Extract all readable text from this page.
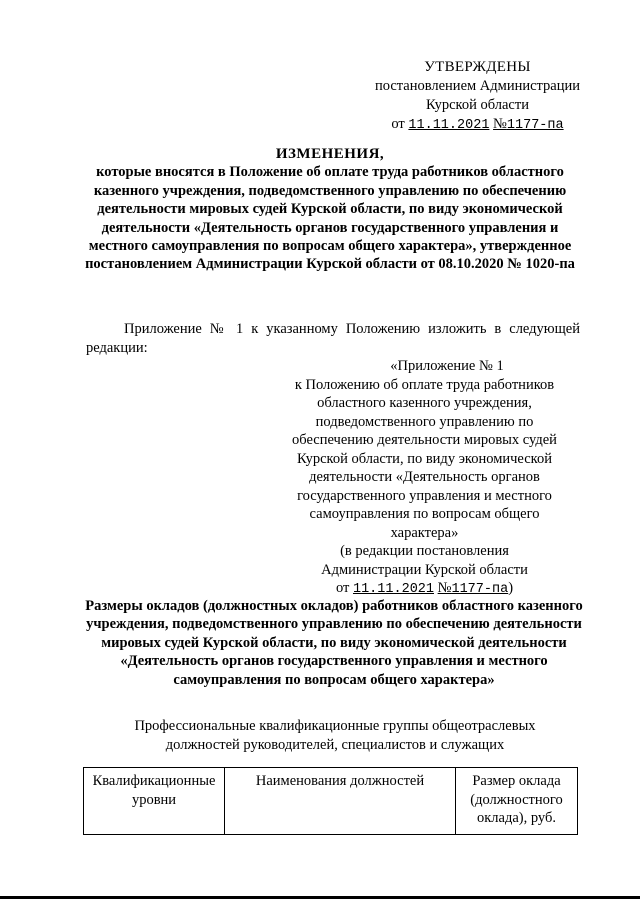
УТВЕРЖДЕНЫ
постановлением Администрации
Курской области
от 11.11.2021 №1177-па
ИЗМЕНЕНИЯ,
которые вносятся в Положение об оплате труда работников областного казенного учреждения, подведомственного управлению по обеспечению деятельности мировых судей Курской области, по виду экономической деятельности «Деятельность органов государственного управления и местного самоуправления по вопросам общего характера», утвержденное постановлением Администрации Курской области от 08.10.2020 № 1020-па
Приложение № 1 к указанному Положению изложить в следующей редакции:
«Приложение № 1
к Положению об оплате труда работников
областного казенного учреждения,
подведомственного управлению по
обеспечению деятельности мировых судей
Курской области, по виду экономической
деятельности «Деятельность органов
государственного управления и местного
самоуправления по вопросам общего
характера»
(в редакции постановления
Администрации Курской области
от 11.11.2021 №1177-па)
Размеры окладов (должностных окладов) работников областного казенного учреждения, подведомственного управлению по обеспечению деятельности мировых судей Курской области, по виду экономической деятельности «Деятельность органов государственного управления и местного самоуправления по вопросам общего характера»
Профессиональные квалификационные группы общеотраслевых должностей руководителей, специалистов и служащих
Квалификационные уровни	Наименования должностей	Размер оклада (должностного оклада), руб.
